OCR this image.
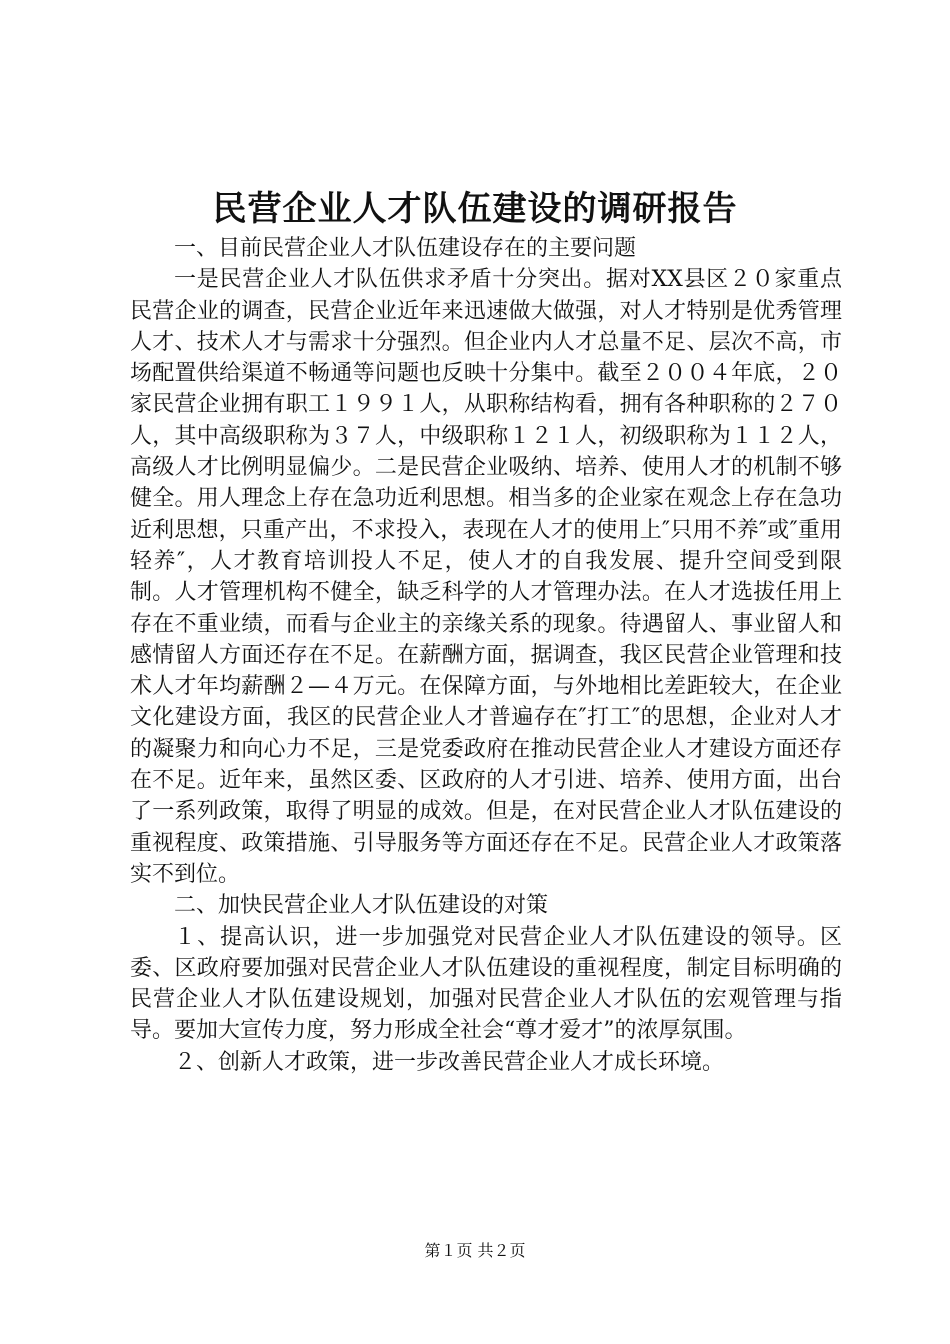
民营企业人才队伍建设的调研报告

一、目前民营企业人才队伍建设存在的主要问题

一是民营企业人才队伍供求矛盾十分突出。据对XX县区２０家重点民营企业的调查，民营企业近年来迅速做大做强，对人才特别是优秀管理人才、技术人才与需求十分强烈。但企业内人才总量不足、层次不高，市场配置供给渠道不畅通等问题也反映十分集中。截至２００４年底，２０家民营企业拥有职工１９９１人，从职称结构看，拥有各种职称的２７０人，其中高级职称为３７人，中级职称１２１人，初级职称为１１２人，高级人才比例明显偏少。二是民营企业吸纳、培养、使用人才的机制不够健全。用人理念上存在急功近利思想。相当多的企业家在观念上存在急功近利思想，只重产出，不求投入，表现在人才的使用上″只用不养″或″重用轻养″，人才教育培训投人不足，使人才的自我发展、提升空间受到限制。人才管理机构不健全，缺乏科学的人才管理办法。在人才选拔任用上存在不重业绩，而看与企业主的亲缘关系的现象。待遇留人、事业留人和感情留人方面还存在不足。在薪酬方面，据调查，我区民营企业管理和技术人才年均薪酬２—４万元。在保障方面，与外地相比差距较大，在企业文化建设方面，我区的民营企业人才普遍存在″打工″的思想，企业对人才的凝聚力和向心力不足，三是党委政府在推动民营企业人才建设方面还存在不足。近年来，虽然区委、区政府的人才引进、培养、使用方面，出台了一系列政策，取得了明显的成效。但是，在对民营企业人才队伍建设的重视程度、政策措施、引导服务等方面还存在不足。民营企业人才政策落实不到位。

二、加快民营企业人才队伍建设的对策

１、提高认识，进一步加强党对民营企业人才队伍建设的领导。区委、区政府要加强对民营企业人才队伍建设的重视程度，制定目标明确的民营企业人才队伍建设规划，加强对民营企业人才队伍的宏观管理与指导。要加大宣传力度，努力形成全社会“尊才爱才”的浓厚氛围。

２、创新人才政策，进一步改善民营企业人才成长环境。

第１页 共２页
